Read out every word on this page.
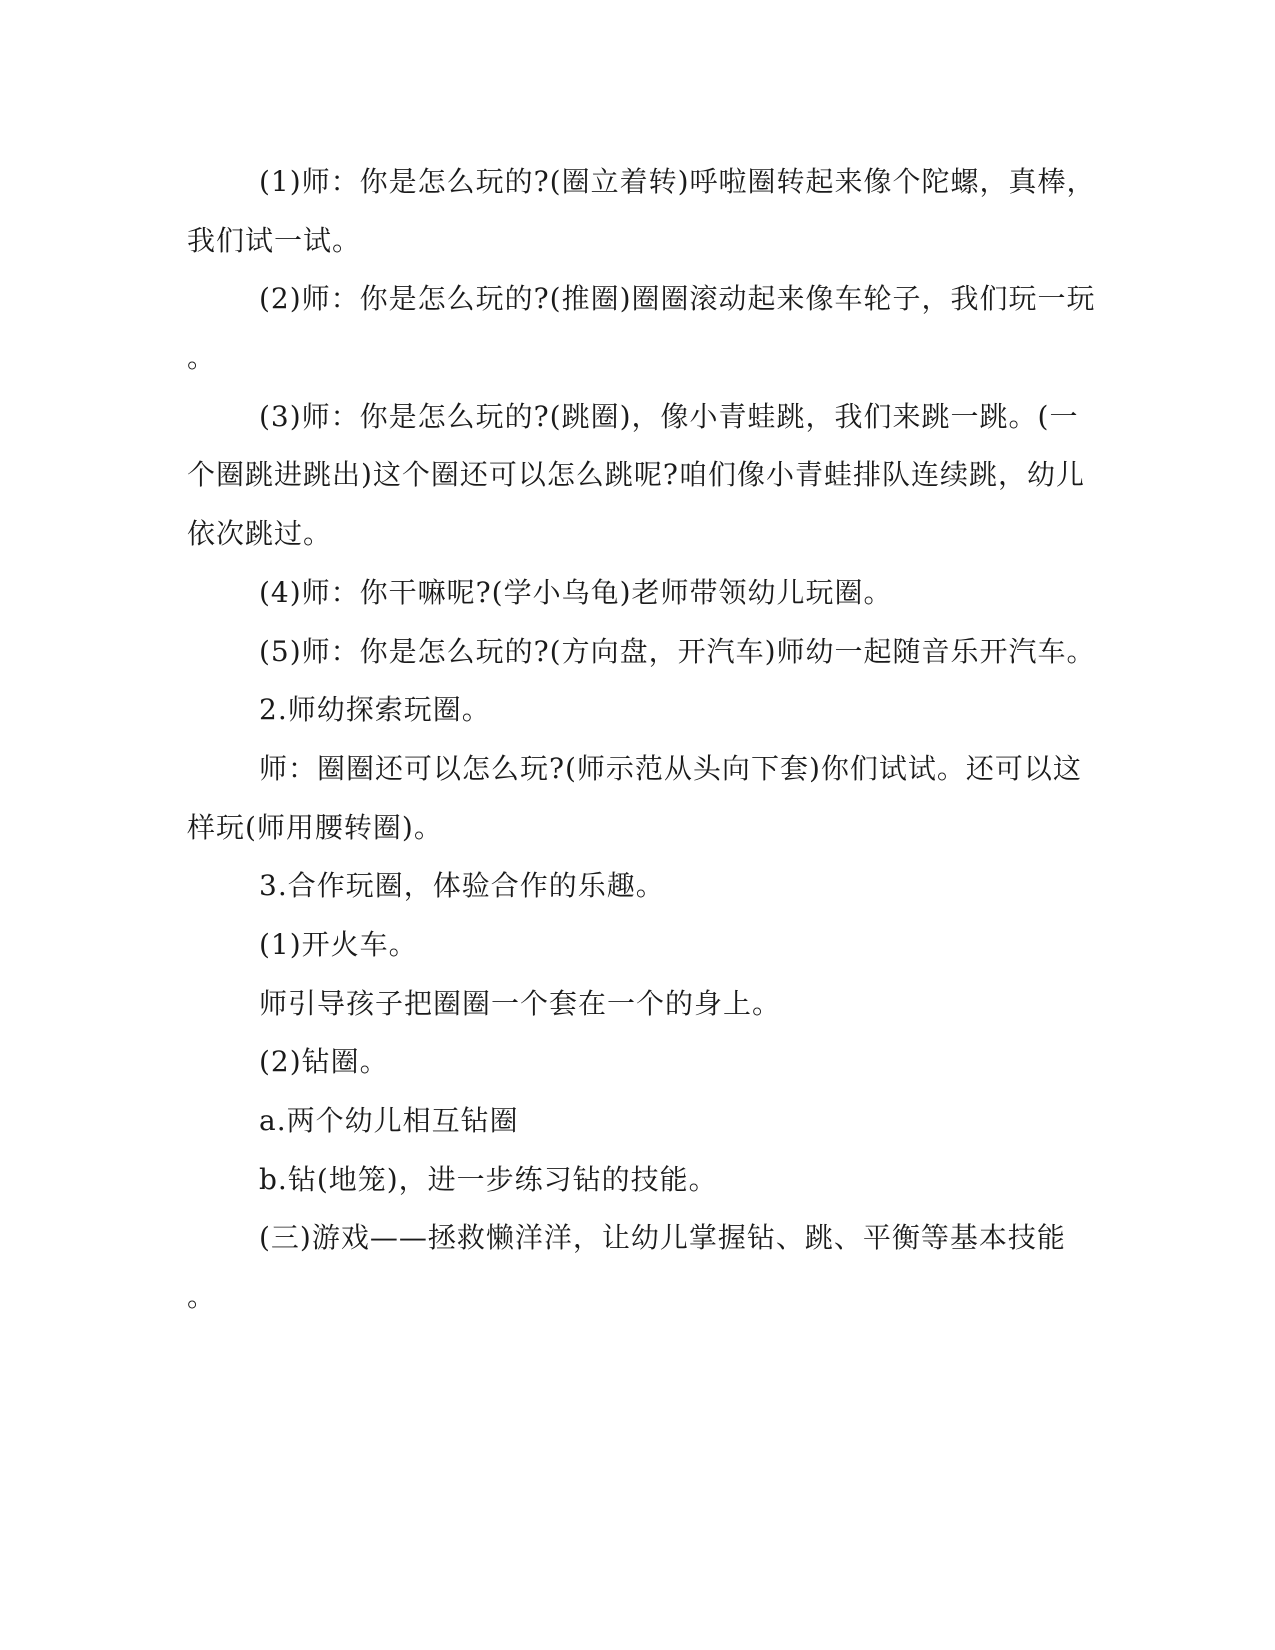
(1)师：你是怎么玩的?(圈立着转)呼啦圈转起来像个陀螺，真棒，
我们试一试。
(2)师：你是怎么玩的?(推圈)圈圈滚动起来像车轮子，我们玩一玩
。
(3)师：你是怎么玩的?(跳圈)，像小青蛙跳，我们来跳一跳。(一
个圈跳进跳出)这个圈还可以怎么跳呢?咱们像小青蛙排队连续跳，幼儿
依次跳过。
(4)师：你干嘛呢?(学小乌龟)老师带领幼儿玩圈。
(5)师：你是怎么玩的?(方向盘，开汽车)师幼一起随音乐开汽车。
2.师幼探索玩圈。
师：圈圈还可以怎么玩?(师示范从头向下套)你们试试。还可以这
样玩(师用腰转圈)。
3.合作玩圈，体验合作的乐趣。
(1)开火车。
师引导孩子把圈圈一个套在一个的身上。
(2)钻圈。
a.两个幼儿相互钻圈
b.钻(地笼)，进一步练习钻的技能。
(三)游戏——拯救懒洋洋，让幼儿掌握钻、跳、平衡等基本技能
。
